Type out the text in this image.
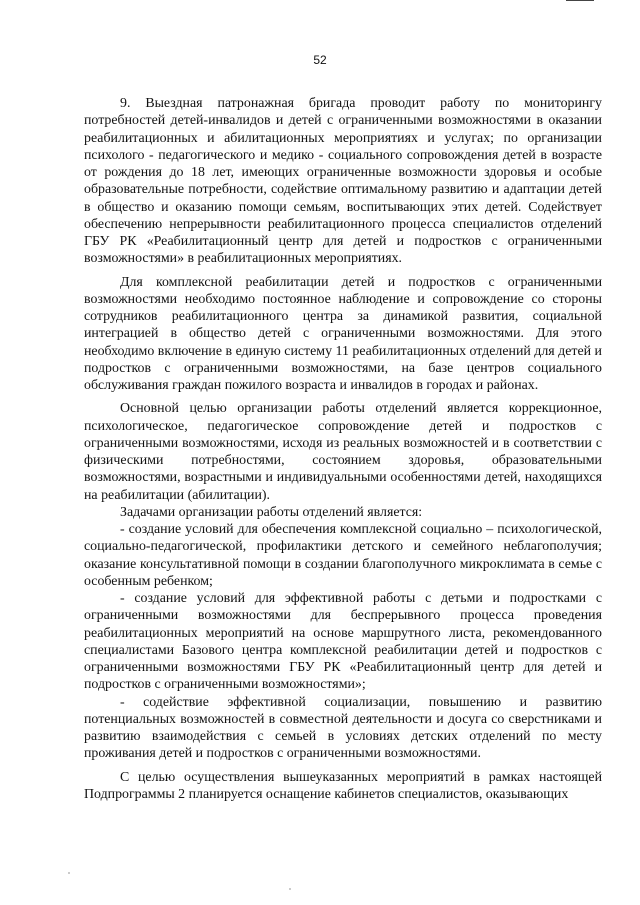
52

9. Выездная патронажная бригада проводит работу по мониторингу потребностей детей-инвалидов и детей с ограниченными возможностями в оказании реабилитационных и абилитационных мероприятиях и услугах; по организации психолого - педагогического и медико - социального сопровождения детей в возрасте от рождения до 18 лет, имеющих ограниченные возможности здоровья и особые образовательные потребности, содействие оптимальному развитию и адаптации детей в общество и оказанию помощи семьям, воспитывающих этих детей. Содействует обеспечению непрерывности реабилитационного процесса специалистов отделений ГБУ РК «Реабилитационный центр для детей и подростков с ограниченными возможностями» в реабилитационных мероприятиях.

Для комплексной реабилитации детей и подростков с ограниченными возможностями необходимо постоянное наблюдение и сопровождение со стороны сотрудников реабилитационного центра за динамикой развития, социальной интеграцией в общество детей с ограниченными возможностями. Для этого необходимо включение в единую систему 11 реабилитационных отделений для детей и подростков с ограниченными возможностями, на базе центров социального обслуживания граждан пожилого возраста и инвалидов в городах и районах.

Основной целью организации работы отделений является коррекционное, психологическое, педагогическое сопровождение детей и подростков с ограниченными возможностями, исходя из реальных возможностей и в соответствии с физическими потребностями, состоянием здоровья, образовательными возможностями, возрастными и индивидуальными особенностями детей, находящихся на реабилитации (абилитации).

Задачами организации работы отделений является:

- создание условий для обеспечения комплексной социально – психологической, социально-педагогической, профилактики детского и семейного неблагополучия; оказание консультативной помощи в создании благополучного микроклимата в семье с особенным ребенком;

- создание условий для эффективной работы с детьми и подростками с ограниченными возможностями для беспрерывного процесса проведения реабилитационных мероприятий на основе маршрутного листа, рекомендованного специалистами Базового центра комплексной реабилитации детей и подростков с ограниченными возможностями ГБУ РК «Реабилитационный центр для детей и подростков с ограниченными возможностями»;

- содействие эффективной социализации, повышению и развитию потенциальных возможностей в совместной деятельности и досуга со сверстниками и развитию взаимодействия с семьей в условиях детских отделений по месту проживания детей и подростков с ограниченными возможностями.

С целью осуществления вышеуказанных мероприятий в рамках настоящей Подпрограммы 2 планируется оснащение кабинетов специалистов, оказывающих
